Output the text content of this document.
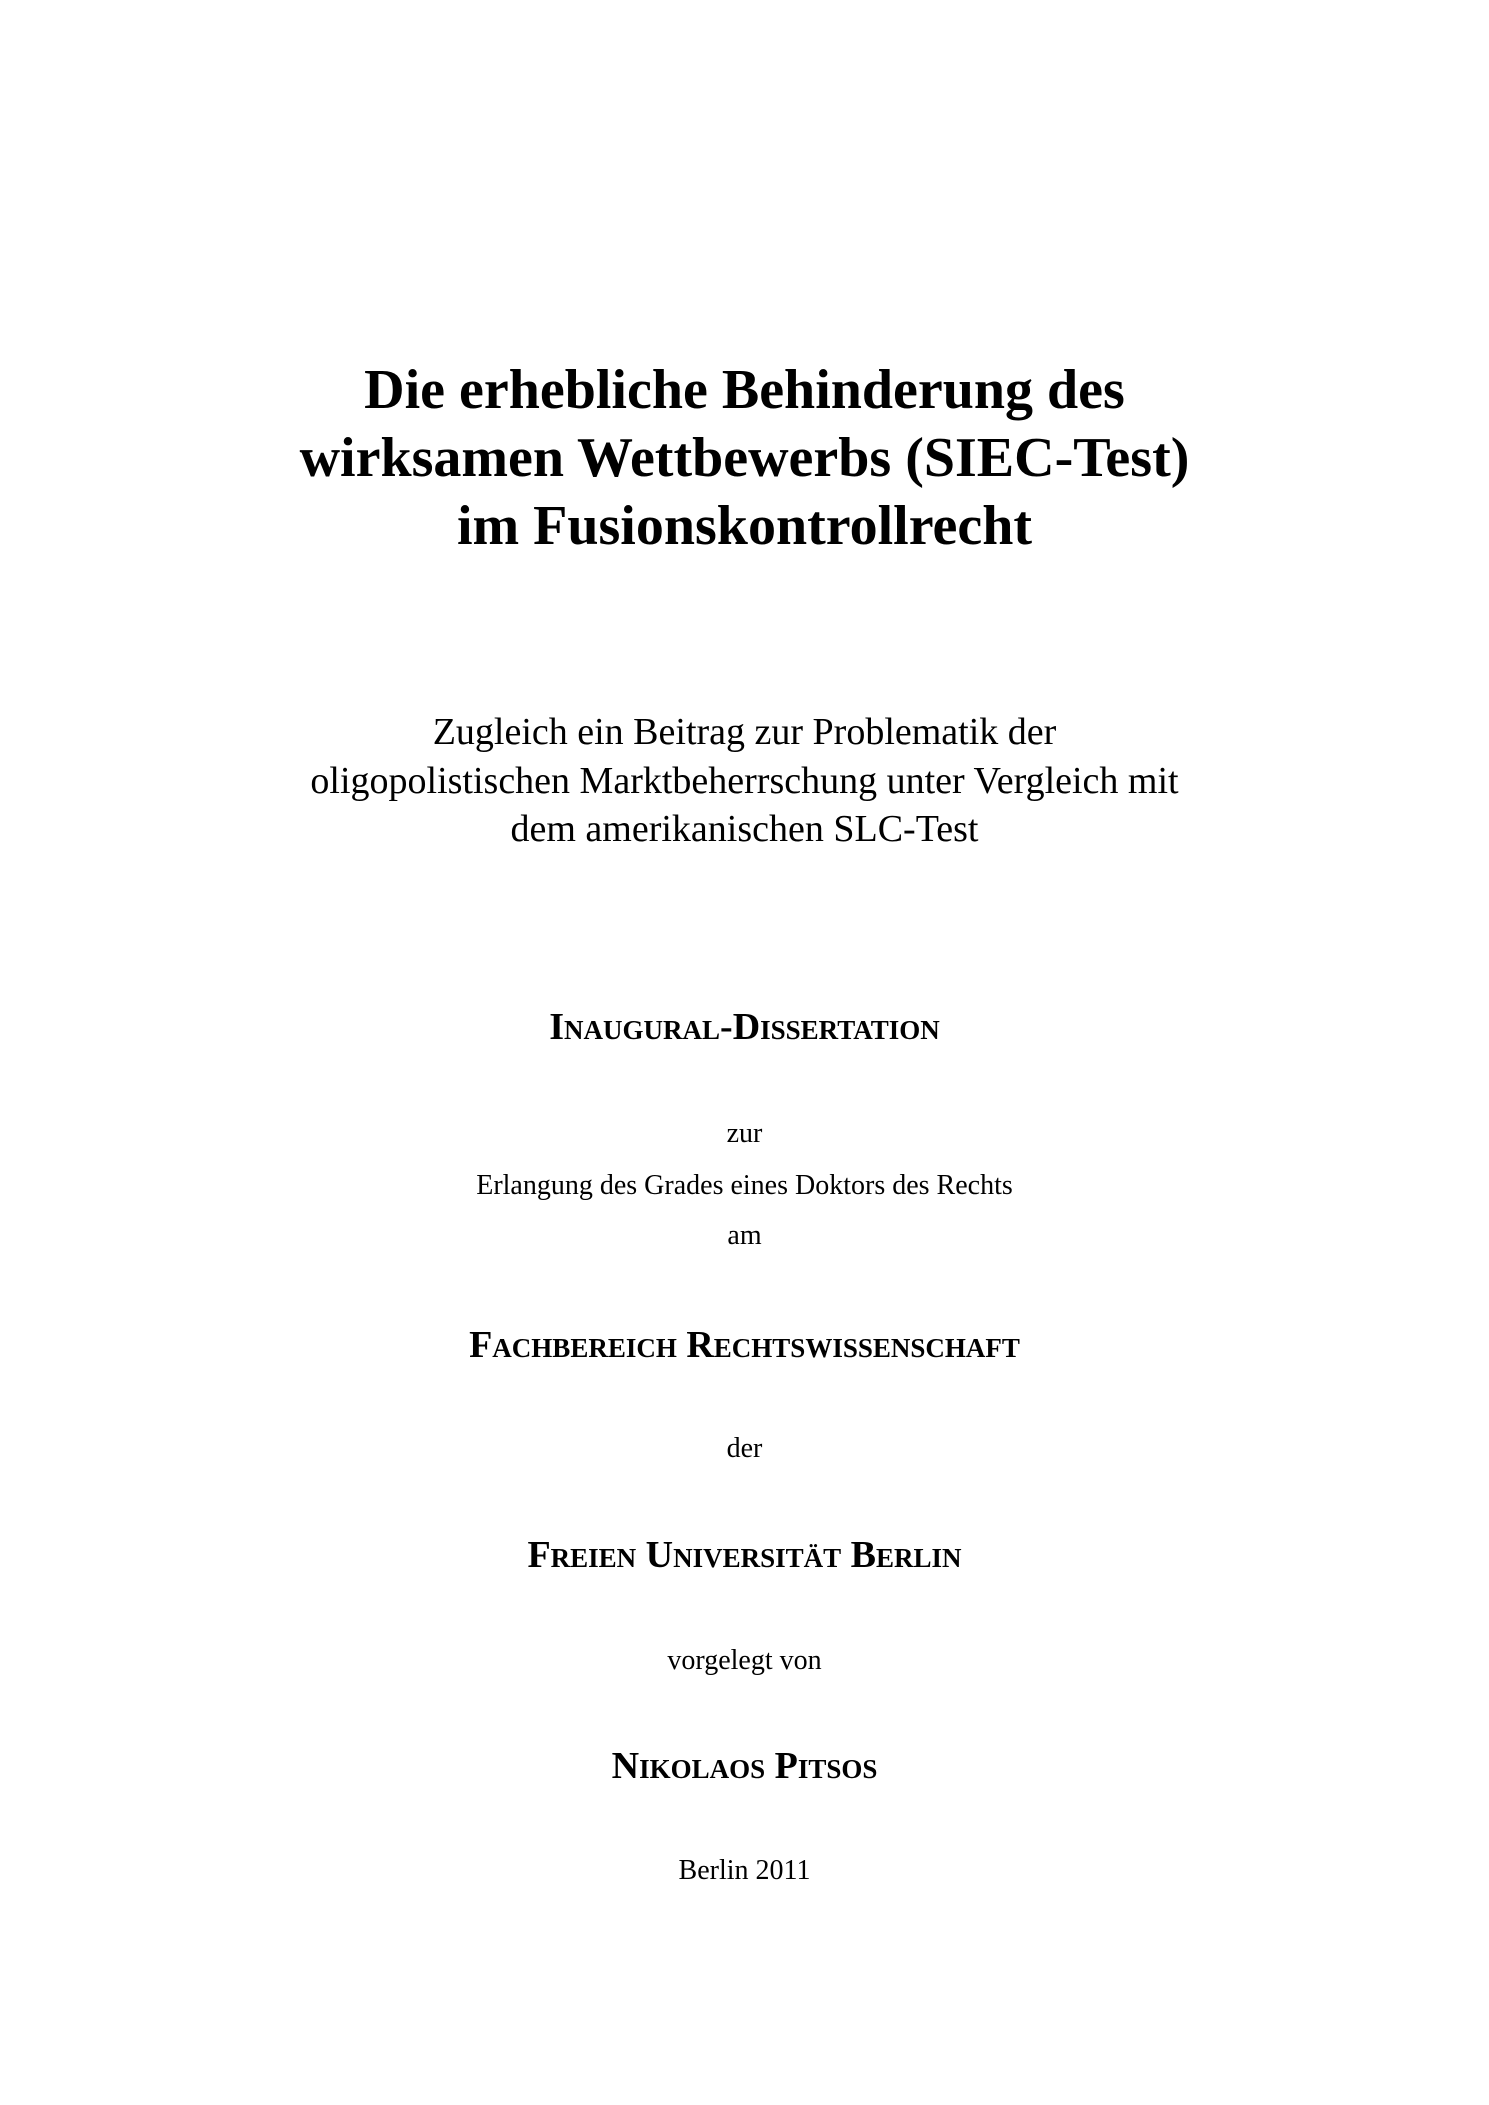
Die erhebliche Behinderung des
wirksamen Wettbewerbs (SIEC-Test)
im Fusionskontrollrecht
Zugleich ein Beitrag zur Problematik der
oligopolistischen Marktbeherrschung unter Vergleich mit
dem amerikanischen SLC-Test
Inaugural-Dissertation
zur
Erlangung des Grades eines Doktors des Rechts
am
Fachbereich Rechtswissenschaft
der
Freien Universität Berlin
vorgelegt von
Nikolaos Pitsos
Berlin 2011
